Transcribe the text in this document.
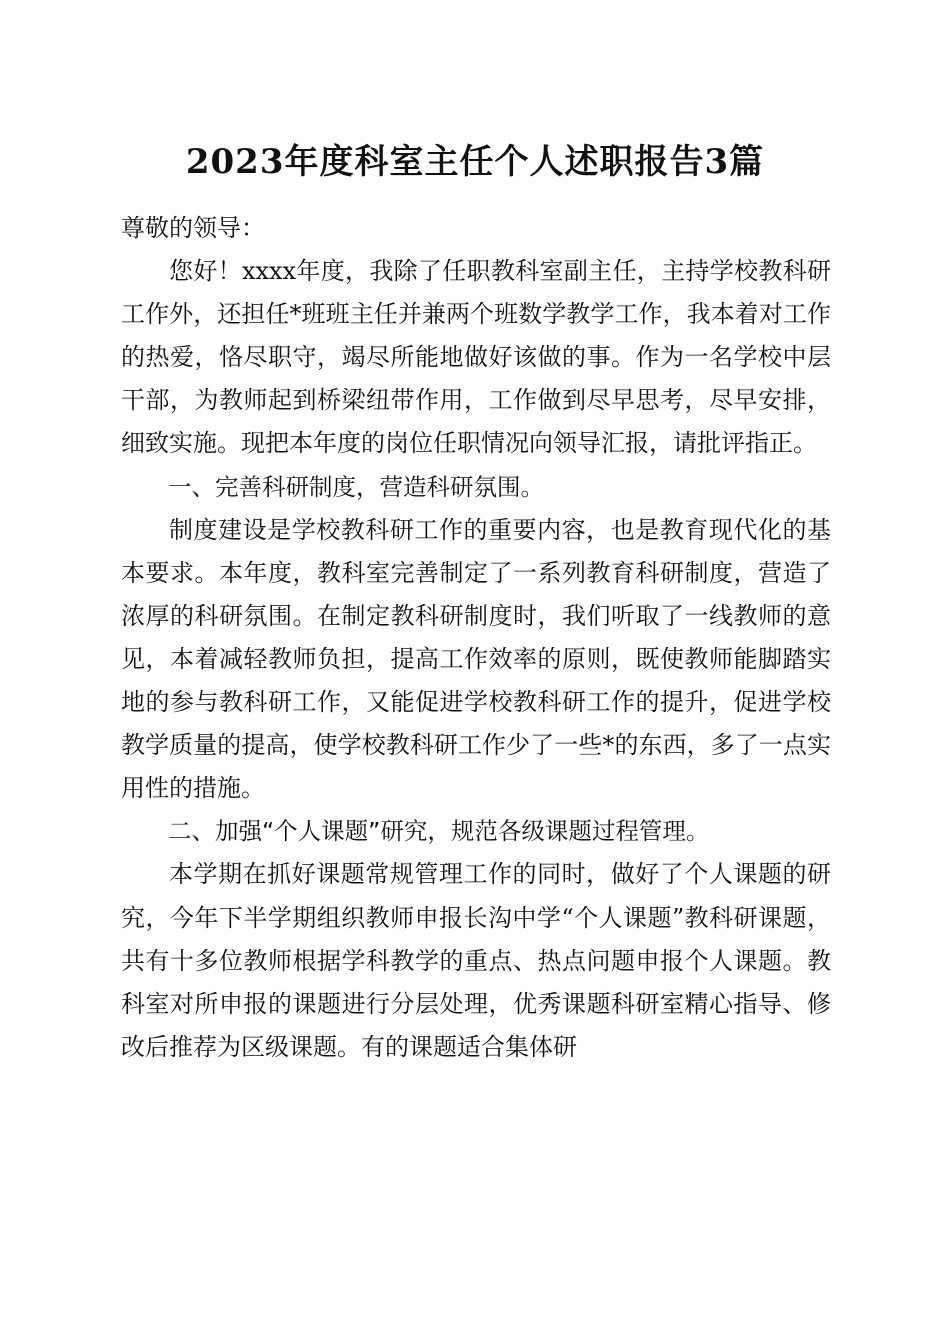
2023年度科室主任个人述职报告3篇

尊敬的领导：

您好！xxxx年度，我除了任职教科室副主任，主持学校教科研工作外，还担任*班班主任并兼两个班数学教学工作，我本着对工作的热爱，恪尽职守，竭尽所能地做好该做的事。作为一名学校中层干部，为教师起到桥梁纽带作用，工作做到尽早思考，尽早安排，细致实施。现把本年度的岗位任职情况向领导汇报，请批评指正。

一、完善科研制度，营造科研氛围。

制度建设是学校教科研工作的重要内容，也是教育现代化的基本要求。本年度，教科室完善制定了一系列教育科研制度，营造了浓厚的科研氛围。在制定教科研制度时，我们听取了一线教师的意见，本着减轻教师负担，提高工作效率的原则，既使教师能脚踏实地的参与教科研工作，又能促进学校教科研工作的提升，促进学校教学质量的提高，使学校教科研工作少了一些*的东西，多了一点实用性的措施。

二、加强“个人课题”研究，规范各级课题过程管理。

本学期在抓好课题常规管理工作的同时，做好了个人课题的研究，今年下半学期组织教师申报长沟中学“个人课题”教科研课题，共有十多位教师根据学科教学的重点、热点问题申报个人课题。教科室对所申报的课题进行分层处理，优秀课题科研室精心指导、修改后推荐为区级课题。有的课题适合集体研
